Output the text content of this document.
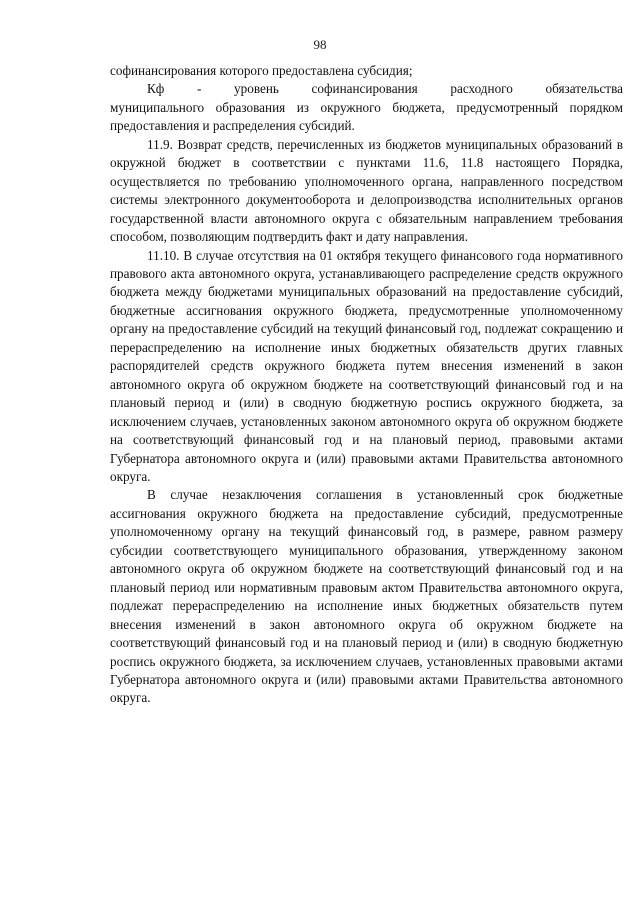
98

софинансирования которого предоставлена субсидия;

Кф - уровень софинансирования расходного обязательства

муниципального образования из окружного бюджета, предусмотренный порядком предоставления и распределения субсидий.

11.9. Возврат средств, перечисленных из бюджетов муниципальных образований в окружной бюджет в соответствии с пунктами 11.6, 11.8 настоящего Порядка, осуществляется по требованию уполномоченного органа, направленного посредством системы электронного документооборота и делопроизводства исполнительных органов государственной власти автономного округа с обязательным направлением требования способом, позволяющим подтвердить факт и дату направления.

11.10. В случае отсутствия на 01 октября текущего финансового года нормативного правового акта автономного округа, устанавливающего распределение средств окружного бюджета между бюджетами муниципальных образований на предоставление субсидий, бюджетные ассигнования окружного бюджета, предусмотренные уполномоченному органу на предоставление субсидий на текущий финансовый год, подлежат сокращению и перераспределению на исполнение иных бюджетных обязательств других главных распорядителей средств окружного бюджета путем внесения изменений в закон автономного округа об окружном бюджете на соответствующий финансовый год и на плановый период и (или) в сводную бюджетную роспись окружного бюджета, за исключением случаев, установленных законом автономного округа об окружном бюджете на соответствующий финансовый год и на плановый период, правовыми актами Губернатора автономного округа и (или) правовыми актами Правительства автономного округа.

В случае незаключения соглашения в установленный срок бюджетные ассигнования окружного бюджета на предоставление субсидий, предусмотренные уполномоченному органу на текущий финансовый год, в размере, равном размеру субсидии соответствующего муниципального образования, утвержденному законом автономного округа об окружном бюджете на соответствующий финансовый год и на плановый период или нормативным правовым актом Правительства автономного округа, подлежат перераспределению на исполнение иных бюджетных обязательств путем внесения изменений в закон автономного округа об окружном бюджете на соответствующий финансовый год и на плановый период и (или) в сводную бюджетную роспись окружного бюджета, за исключением случаев, установленных правовыми актами Губернатора автономного округа и (или) правовыми актами Правительства автономного округа.
